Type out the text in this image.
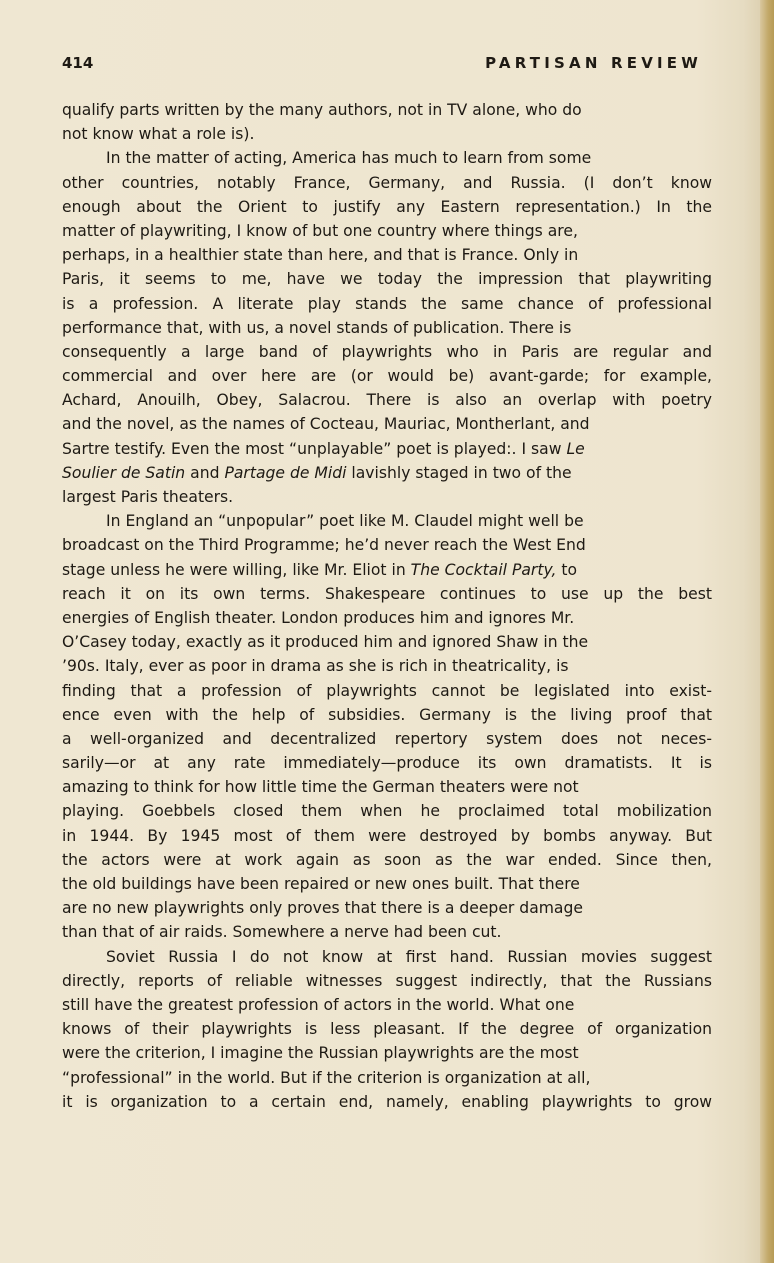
414	PARTISAN REVIEW
qualify parts written by the many authors, not in TV alone, who do
not know what a role is).
In the matter of acting, America has much to learn from some
other countries, notably France, Germany, and Russia. (I don’t know
enough about the Orient to justify any Eastern representation.) In the
matter of playwriting, I know of but one country where things are,
perhaps, in a healthier state than here, and that is France. Only in
Paris, it seems to me, have we today the impression that playwriting
is a profession. A literate play stands the same chance of professional
performance that, with us, a novel stands of publication. There is
consequently a large band of playwrights who in Paris are regular and
commercial and over here are (or would be) avant-garde; for example,
Achard, Anouilh, Obey, Salacrou. There is also an overlap with poetry
and the novel, as the names of Cocteau, Mauriac, Montherlant, and
Sartre testify. Even the most “unplayable” poet is played:. I saw Le
Soulier de Satin and Partage de Midi lavishly staged in two of the
largest Paris theaters.
In England an “unpopular” poet like M. Claudel might well be
broadcast on the Third Programme; he’d never reach the West End
stage unless he were willing, like Mr. Eliot in The Cocktail Party, to
reach it on its own terms. Shakespeare continues to use up the best
energies of English theater. London produces him and ignores Mr.
O’Casey today, exactly as it produced him and ignored Shaw in the
’90s. Italy, ever as poor in drama as she is rich in theatricality, is
finding that a profession of playwrights cannot be legislated into exist-
ence even with the help of subsidies. Germany is the living proof that
a well-organized and decentralized repertory system does not neces-
sarily—or at any rate immediately—produce its own dramatists. It is
amazing to think for how little time the German theaters were not
playing. Goebbels closed them when he proclaimed total mobilization
in 1944. By 1945 most of them were destroyed by bombs anyway. But
the actors were at work again as soon as the war ended. Since then,
the old buildings have been repaired or new ones built. That there
are no new playwrights only proves that there is a deeper damage
than that of air raids. Somewhere a nerve had been cut.
Soviet Russia I do not know at first hand. Russian movies suggest
directly, reports of reliable witnesses suggest indirectly, that the Russians
still have the greatest profession of actors in the world. What one
knows of their playwrights is less pleasant. If the degree of organization
were the criterion, I imagine the Russian playwrights are the most
“professional” in the world. But if the criterion is organization at all,
it is organization to a certain end, namely, enabling playwrights to grow
